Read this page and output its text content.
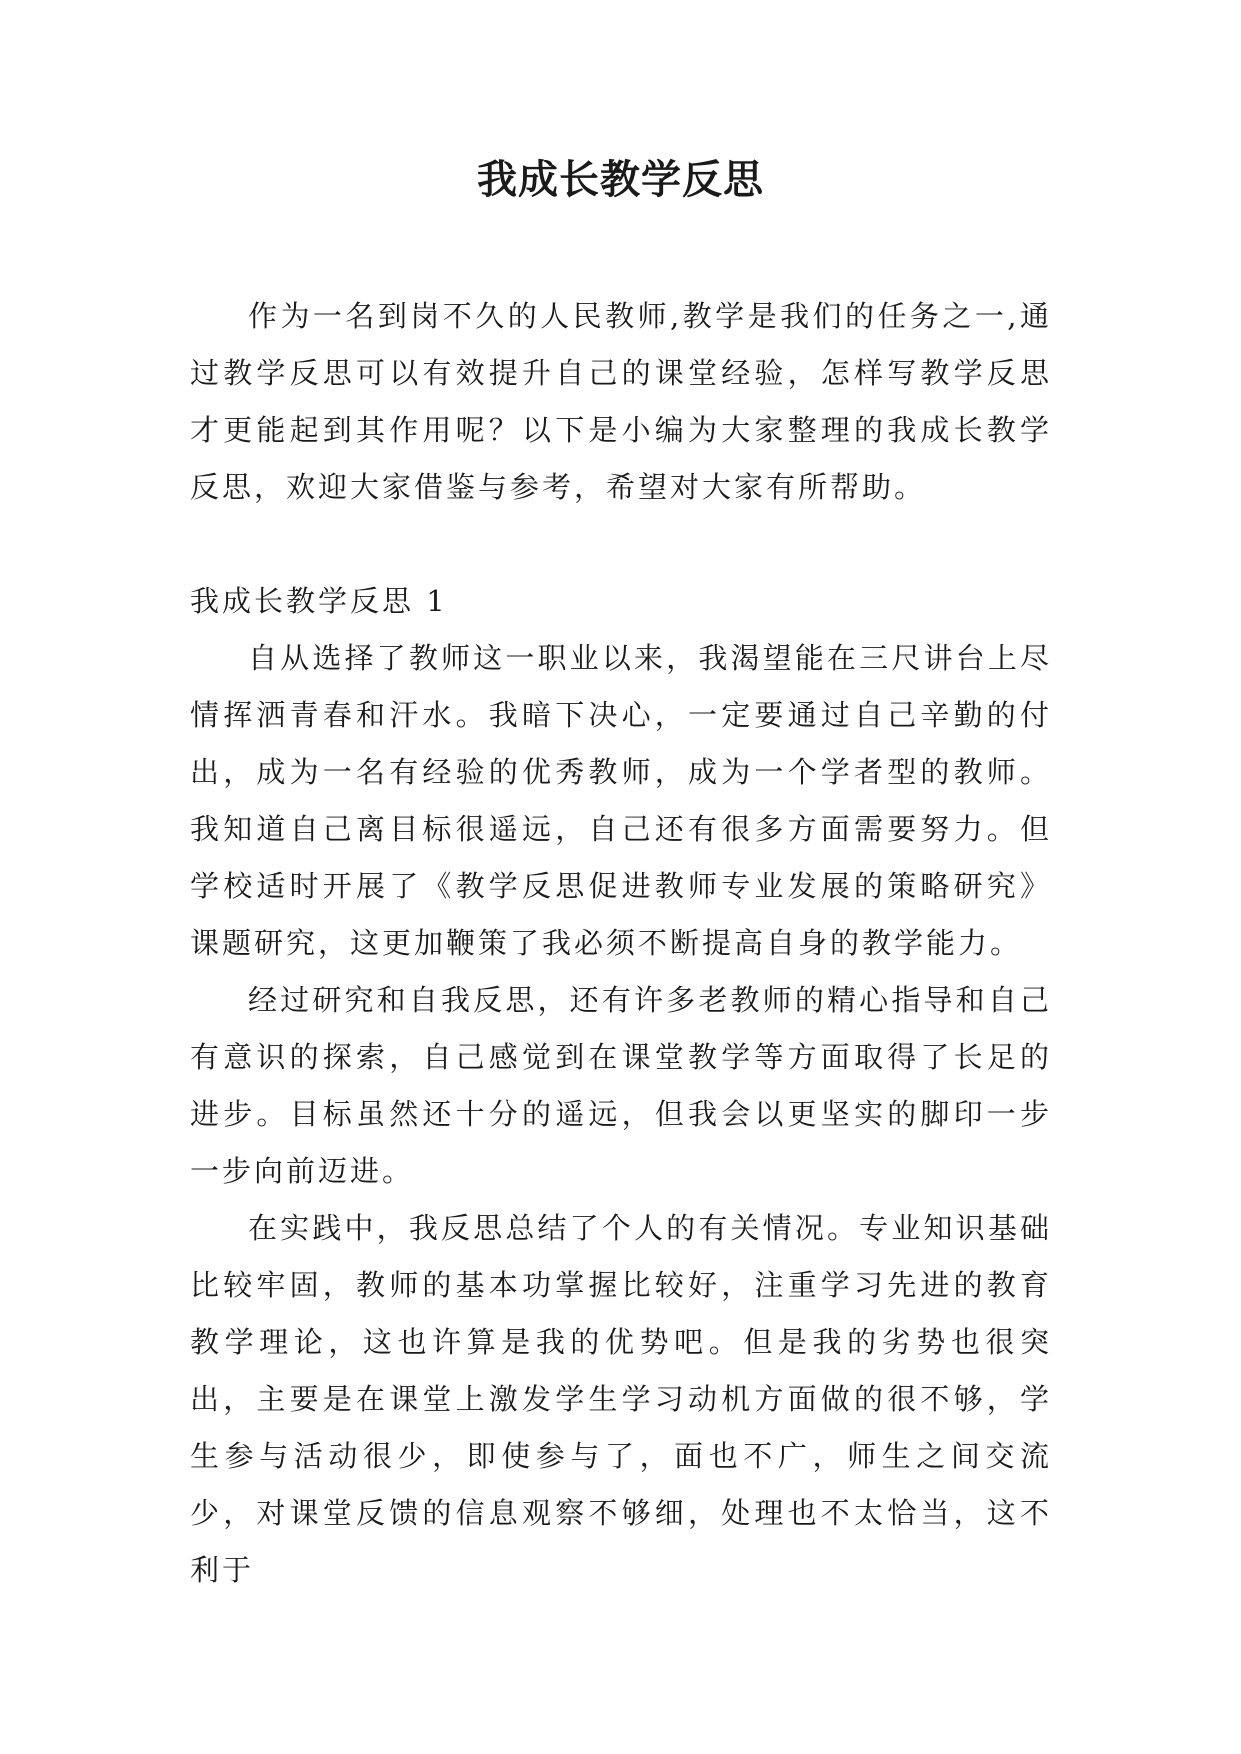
我成长教学反思

作为一名到岗不久的人民教师,教学是我们的任务之一,通过教学反思可以有效提升自己的课堂经验，怎样写教学反思才更能起到其作用呢？以下是小编为大家整理的我成长教学反思，欢迎大家借鉴与参考，希望对大家有所帮助。

我成长教学反思 1

自从选择了教师这一职业以来，我渴望能在三尺讲台上尽情挥洒青春和汗水。我暗下决心，一定要通过自己辛勤的付出，成为一名有经验的优秀教师，成为一个学者型的教师。我知道自己离目标很遥远，自己还有很多方面需要努力。但学校适时开展了《教学反思促进教师专业发展的策略研究》课题研究，这更加鞭策了我必须不断提高自身的教学能力。

经过研究和自我反思，还有许多老教师的精心指导和自己有意识的探索，自己感觉到在课堂教学等方面取得了长足的进步。目标虽然还十分的遥远，但我会以更坚实的脚印一步一步向前迈进。

在实践中，我反思总结了个人的有关情况。专业知识基础比较牢固，教师的基本功掌握比较好，注重学习先进的教育教学理论，这也许算是我的优势吧。但是我的劣势也很突出，主要是在课堂上激发学生学习动机方面做的很不够，学生参与活动很少，即使参与了，面也不广，师生之间交流少，对课堂反馈的信息观察不够细，处理也不太恰当，这不利于
